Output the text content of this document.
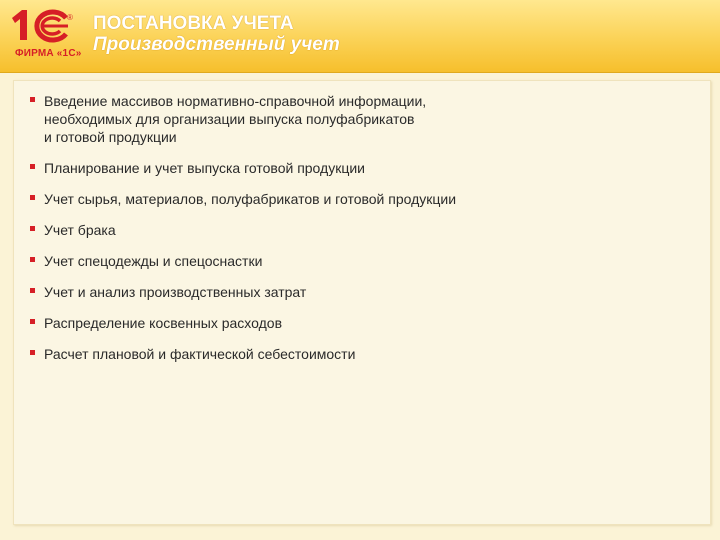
®
ФИРМА «1С»
ПОСТАНОВКА УЧЕТА
Производственный учет
Введение массивов нормативно-справочной информации,
необходимых для организации выпуска полуфабрикатов
и готовой продукции
Планирование и учет выпуска готовой продукции
Учет сырья, материалов, полуфабрикатов и готовой продукции
Учет брака
Учет спецодежды и спецоснастки
Учет и анализ производственных затрат
Распределение косвенных расходов
Расчет плановой и фактической себестоимости
